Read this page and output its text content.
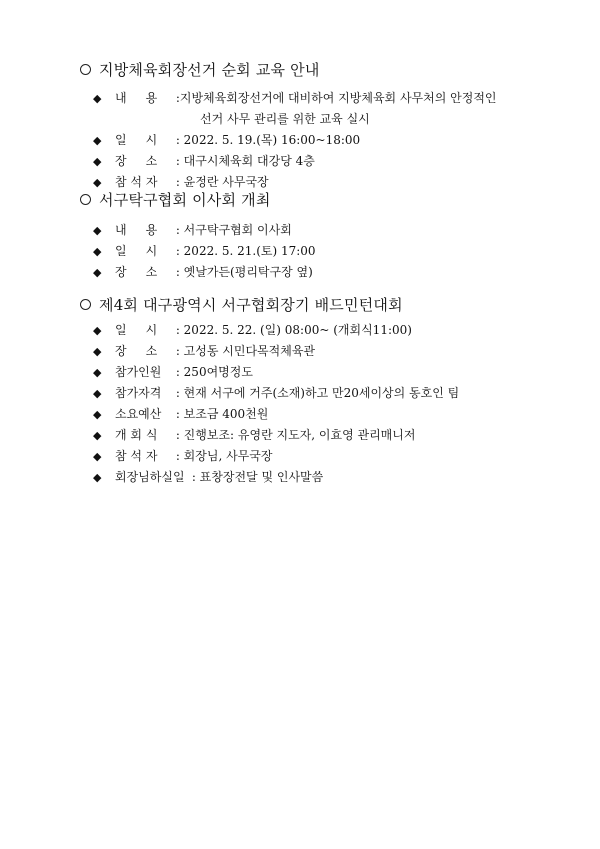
지방체육회장선거 순회 교육 안내
◆ 내     용	:지방체육회장선거에 대비하여 지방체육회 사무처의 안정적인
선거 사무 관리를 위한 교육 실시
◆ 일     시	: 2022. 5. 19.(목) 16:00~18:00
◆ 장     소	: 대구시체육회 대강당 4층
◆ 참 석 자	: 윤정란 사무국장
서구탁구협회 이사회 개최
◆ 내     용	: 서구탁구협회 이사회
◆ 일     시	: 2022. 5. 21.(토) 17:00
◆ 장     소	: 옛날가든(평리탁구장 옆)
제4회 대구광역시 서구협회장기 배드민턴대회
◆ 일     시	: 2022. 5. 22. (일) 08:00~ (개회식11:00)
◆ 장     소	: 고성동 시민다목적체육관
◆ 참가인원 : 250여명정도
◆ 참가자격 : 현재 서구에 거주(소재)하고 만20세이상의 동호인 팀
◆ 소요예산 : 보조금 400천원
◆ 개 회 식	: 진행보조: 유영란 지도자, 이효영 관리매니저
◆ 참 석 자	: 회장님, 사무국장
◆ 회장님하실일 : 표창장전달 및 인사말씀
